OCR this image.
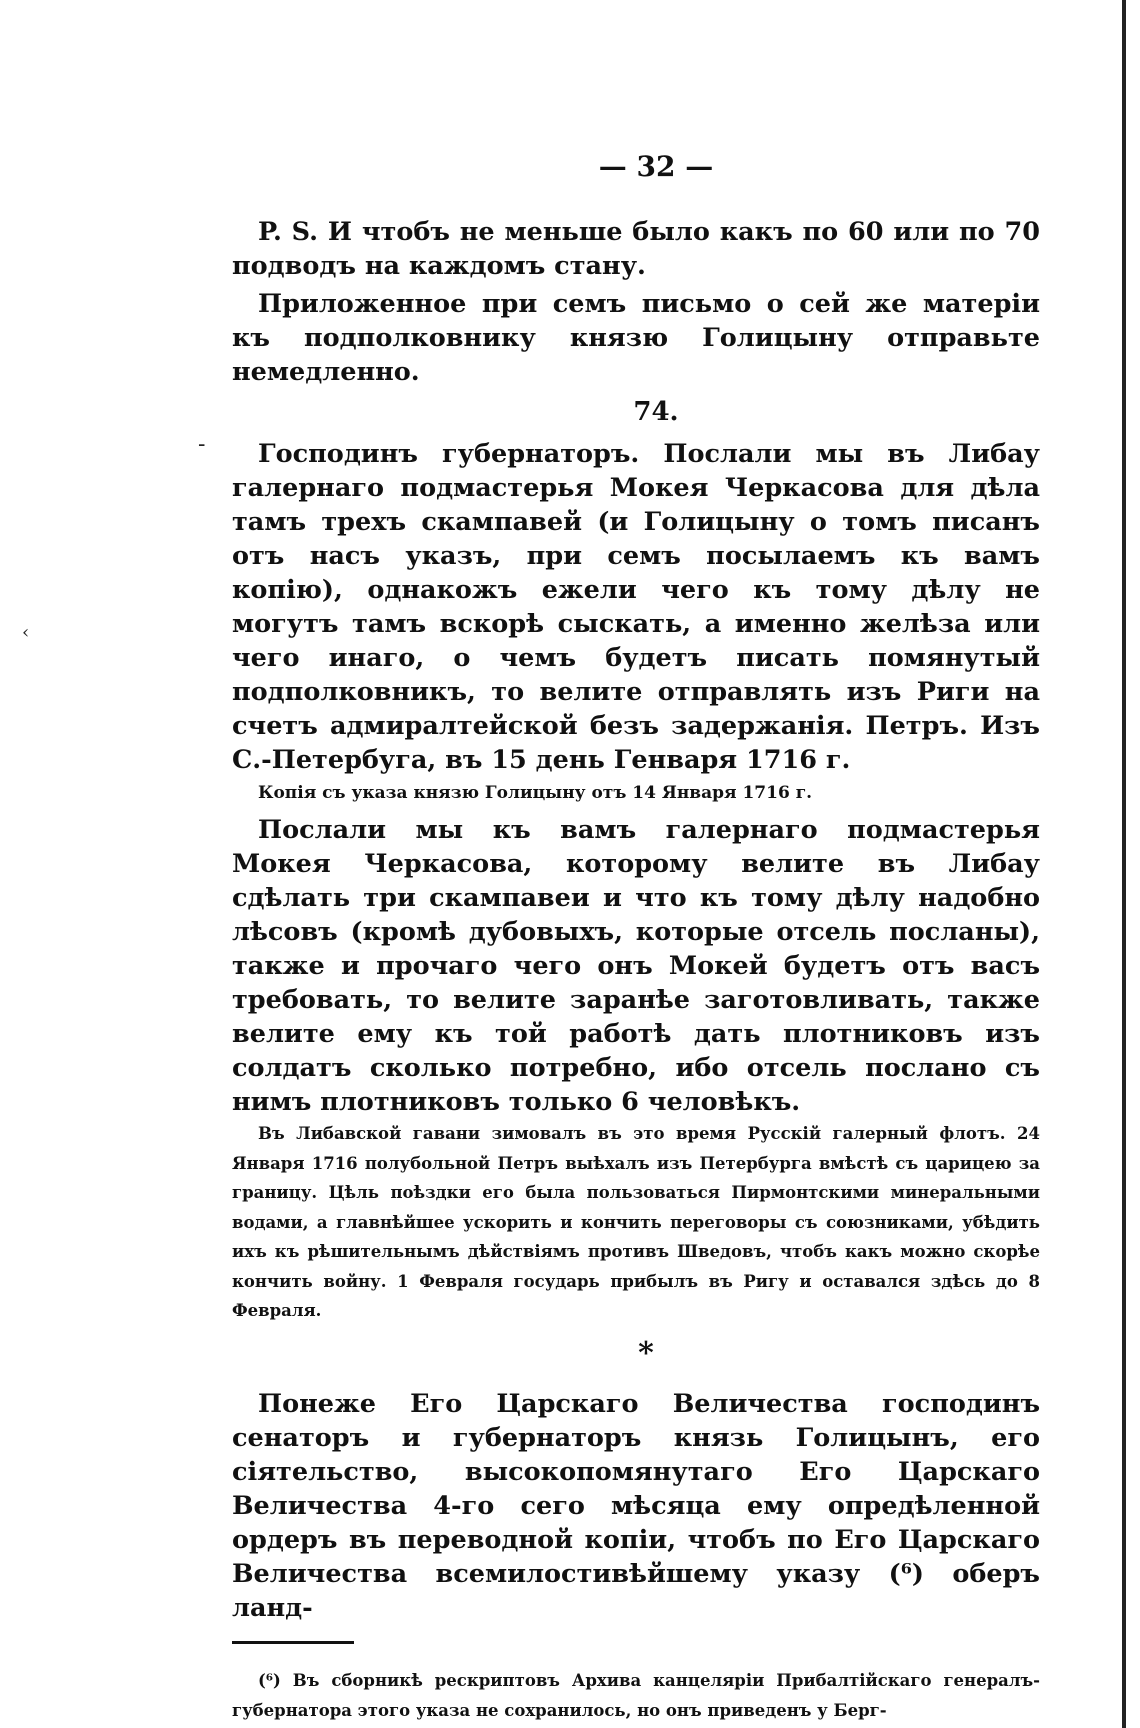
‐
‹
— 32 —

P. S. И чтобъ не меньше было какъ по 60 или по 70 подводъ на каждомъ стану.

Приложенное при семъ письмо о сей же матеріи къ подполковнику князю Голицыну отправьте немедленно.

74.

Господинъ губернаторъ. Послали мы въ Либау галернаго подмастерья Мокея Черкасова для дѣла тамъ трехъ скампавей (и Голицыну о томъ писанъ отъ насъ указъ, при семъ посылаемъ къ вамъ копію), однакожъ ежели чего къ тому дѣлу не могутъ тамъ вскорѣ сыскать, а именно желѣза или чего инаго, о чемъ будетъ писать помянутый подполковникъ, то велите отправлять изъ Риги на счетъ адмиралтейской безъ задержанія. Петръ. Изъ С.-Петербуга, въ 15 день Генваря 1716 г.

Копія съ указа князю Голицыну отъ 14 Января 1716 г.

Послали мы къ вамъ галернаго подмастерья Мокея Черкасова, которому велите въ Либау сдѣлать три скампавеи и что къ тому дѣлу надобно лѣсовъ (кромѣ дубовыхъ, которые отсель посланы), также и прочаго чего онъ Мокей будетъ отъ васъ требовать, то велите заранѣе заготовливать, также велите ему къ той работѣ дать плотниковъ изъ солдатъ сколько потребно, ибо отсель послано съ нимъ плотниковъ только 6 человѣкъ.

Въ Либавской гавани зимовалъ въ это время Русскій галерный флотъ. 24 Января 1716 полубольной Петръ выѣхалъ изъ Петербурга вмѣстѣ съ царицею за границу. Цѣль поѣздки его была пользоваться Пирмонтскими минеральными водами, а главнѣйшее ускорить и кончить переговоры съ союзниками, убѣдить ихъ къ рѣшительнымъ дѣйствіямъ противъ Шведовъ, чтобъ какъ можно скорѣе кончить войну. 1 Февраля государь прибылъ въ Ригу и оставался здѣсь до 8 Февраля.

*

Понеже Его Царскаго Величества господинъ сенаторъ и губернаторъ князь Голицынъ, его сіятельство, высокопомянутаго Его Царскаго Величества 4-го сего мѣсяца ему опредѣленной ордеръ въ переводной копіи, чтобъ по Его Царскаго Величества всемилостивѣйшему указу (⁶) оберъ ланд-

(⁶) Въ сборникѣ рескриптовъ Архива канцеляріи Прибалтійскаго генералъ-губернатора этого указа не сохранилось, но онъ приведенъ у Берг-
